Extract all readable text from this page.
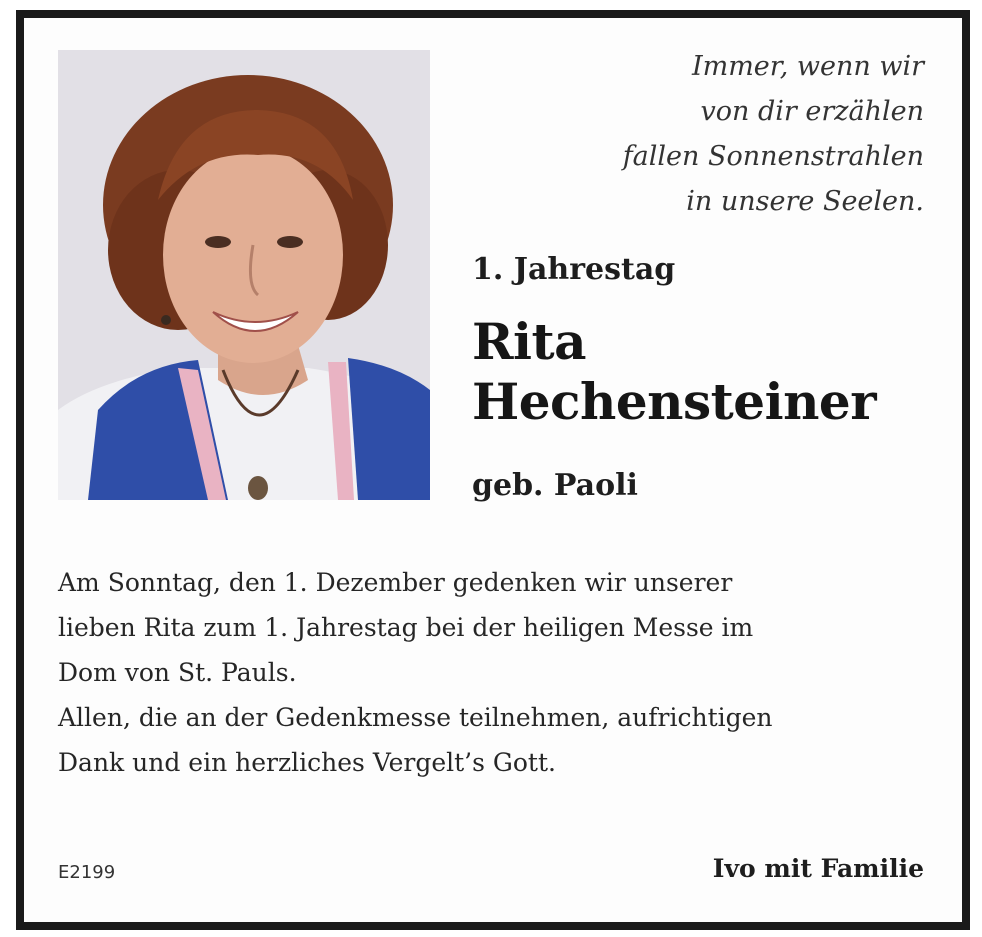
Immer, wenn wir
von dir erzählen
fallen Sonnenstrahlen
in unsere Seelen.
1. Jahrestag
Rita
Hechensteiner
geb. Paoli
Am Sonntag, den 1. Dezember gedenken wir unserer
lieben Rita zum 1. Jahrestag bei der heiligen Messe im
Dom von St. Pauls.
Allen, die an der Gedenkmesse teilnehmen, aufrichtigen
Dank und ein herzliches Vergelt’s Gott.
E2199	Ivo mit Familie
